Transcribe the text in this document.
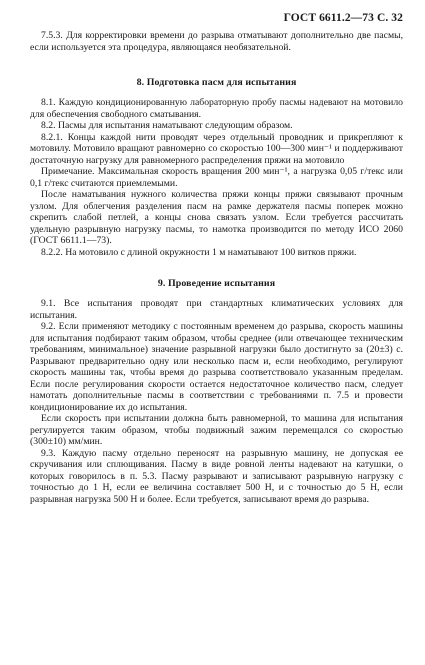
ГОСТ 6611.2—73 С. 32

7.5.3. Для корректировки времени до разрыва отматывают дополнительно две пасмы, если используется эта процедура, являющаяся необязательной.

8. Подготовка пасм для испытания

8.1. Каждую кондиционированную лабораторную пробу пасмы надевают на мотовило для обеспечения свободного сматывания.

8.2. Пасмы для испытания наматывают следующим образом.

8.2.1. Концы каждой нити проводят через отдельный проводник и прикрепляют к мотовилу. Мотовило вращают равномерно со скоростью 100—300 мин⁻¹ и поддерживают достаточную нагрузку для равномерного распределения пряжи на мотовило

Примечание. Максимальная скорость вращения 200 мин⁻¹, а нагрузка 0,05 г/текс или 0,1 г/текс считаются приемлемыми.

После наматывания нужного количества пряжи концы пряжи связывают прочным узлом. Для облегчения разделения пасм на рамке держателя пасмы поперек можно скрепить слабой петлей, а концы снова связать узлом. Если требуется рассчитать удельную разрывную нагрузку пасмы, то намотка производится по методу ИСО 2060 (ГОСТ 6611.1—73).

8.2.2. На мотовило с длиной окружности 1 м наматывают 100 витков пряжи.

9. Проведение испытания

9.1. Все испытания проводят при стандартных климатических условиях для испытания.

9.2. Если применяют методику с постоянным временем до разрыва, скорость машины для испытания подбирают таким образом, чтобы среднее (или отвечающее техническим требованиям, минимальное) значение разрывной нагрузки было достигнуто за (20±3) с. Разрывают предварительно одну или несколько пасм и, если необходимо, регулируют скорость машины так, чтобы время до разрыва соответствовало указанным пределам. Если после регулирования скорости остается недостаточное количество пасм, следует намотать дополнительные пасмы в соответствии с требованиями п. 7.5 и провести кондиционирование их до испытания.

Если скорость при испытании должна быть равномерной, то машина для испытания регулируется таким образом, чтобы подвижный зажим перемещался со скоростью (300±10) мм/мин.

9.3. Каждую пасму отдельно переносят на разрывную машину, не допуская ее скручивания или сплющивания. Пасму в виде ровной ленты надевают на катушки, о которых говорилось в п. 5.3. Пасму разрывают и записывают разрывную нагрузку с точностью до 1 Н, если ее величина составляет 500 Н, и с точностью до 5 Н, если разрывная нагрузка 500 Н и более. Если требуется, записывают время до разрыва.
